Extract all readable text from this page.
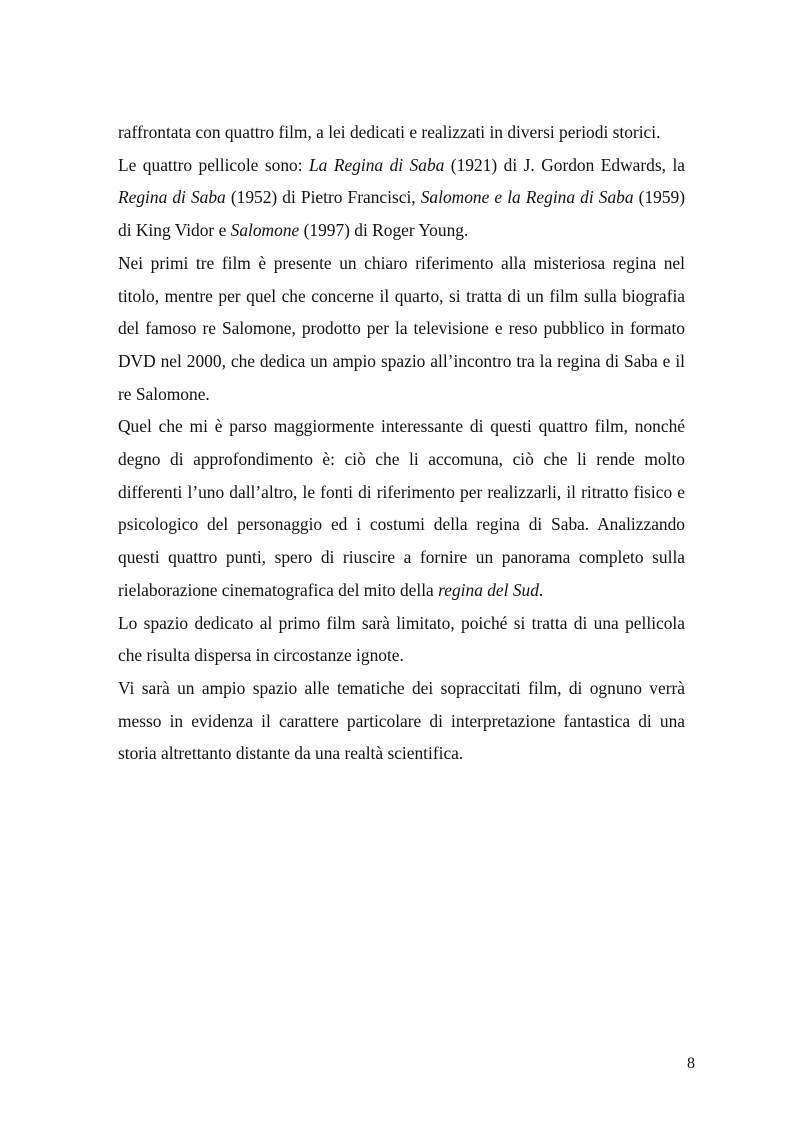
raffrontata con quattro film, a lei dedicati e realizzati in diversi periodi storici.

Le quattro pellicole sono: La Regina di Saba (1921) di J. Gordon Edwards, la Regina di Saba (1952) di Pietro Francisci, Salomone e la Regina di Saba (1959) di King Vidor e Salomone (1997) di Roger Young.

Nei primi tre film è presente un chiaro riferimento alla misteriosa regina nel titolo, mentre per quel che concerne il quarto, si tratta di un film sulla biografia del famoso re Salomone, prodotto per la televisione e reso pubblico in formato DVD nel 2000, che dedica un ampio spazio all’incontro tra la regina di Saba e il re Salomone.

Quel che mi è parso maggiormente interessante di questi quattro film, nonché degno di approfondimento è: ciò che li accomuna, ciò che li rende molto differenti l’uno dall’altro, le fonti di riferimento per realizzarli, il ritratto fisico e psicologico del personaggio ed i costumi della regina di Saba. Analizzando questi quattro punti, spero di riuscire a fornire un panorama completo sulla rielaborazione cinematografica del mito della regina del Sud.

Lo spazio dedicato al primo film sarà limitato, poiché si tratta di una pellicola che risulta dispersa in circostanze ignote.

Vi sarà un ampio spazio alle tematiche dei sopraccitati film, di ognuno verrà messo in evidenza il carattere particolare di interpretazione fantastica di una storia altrettanto distante da una realtà scientifica.

8
